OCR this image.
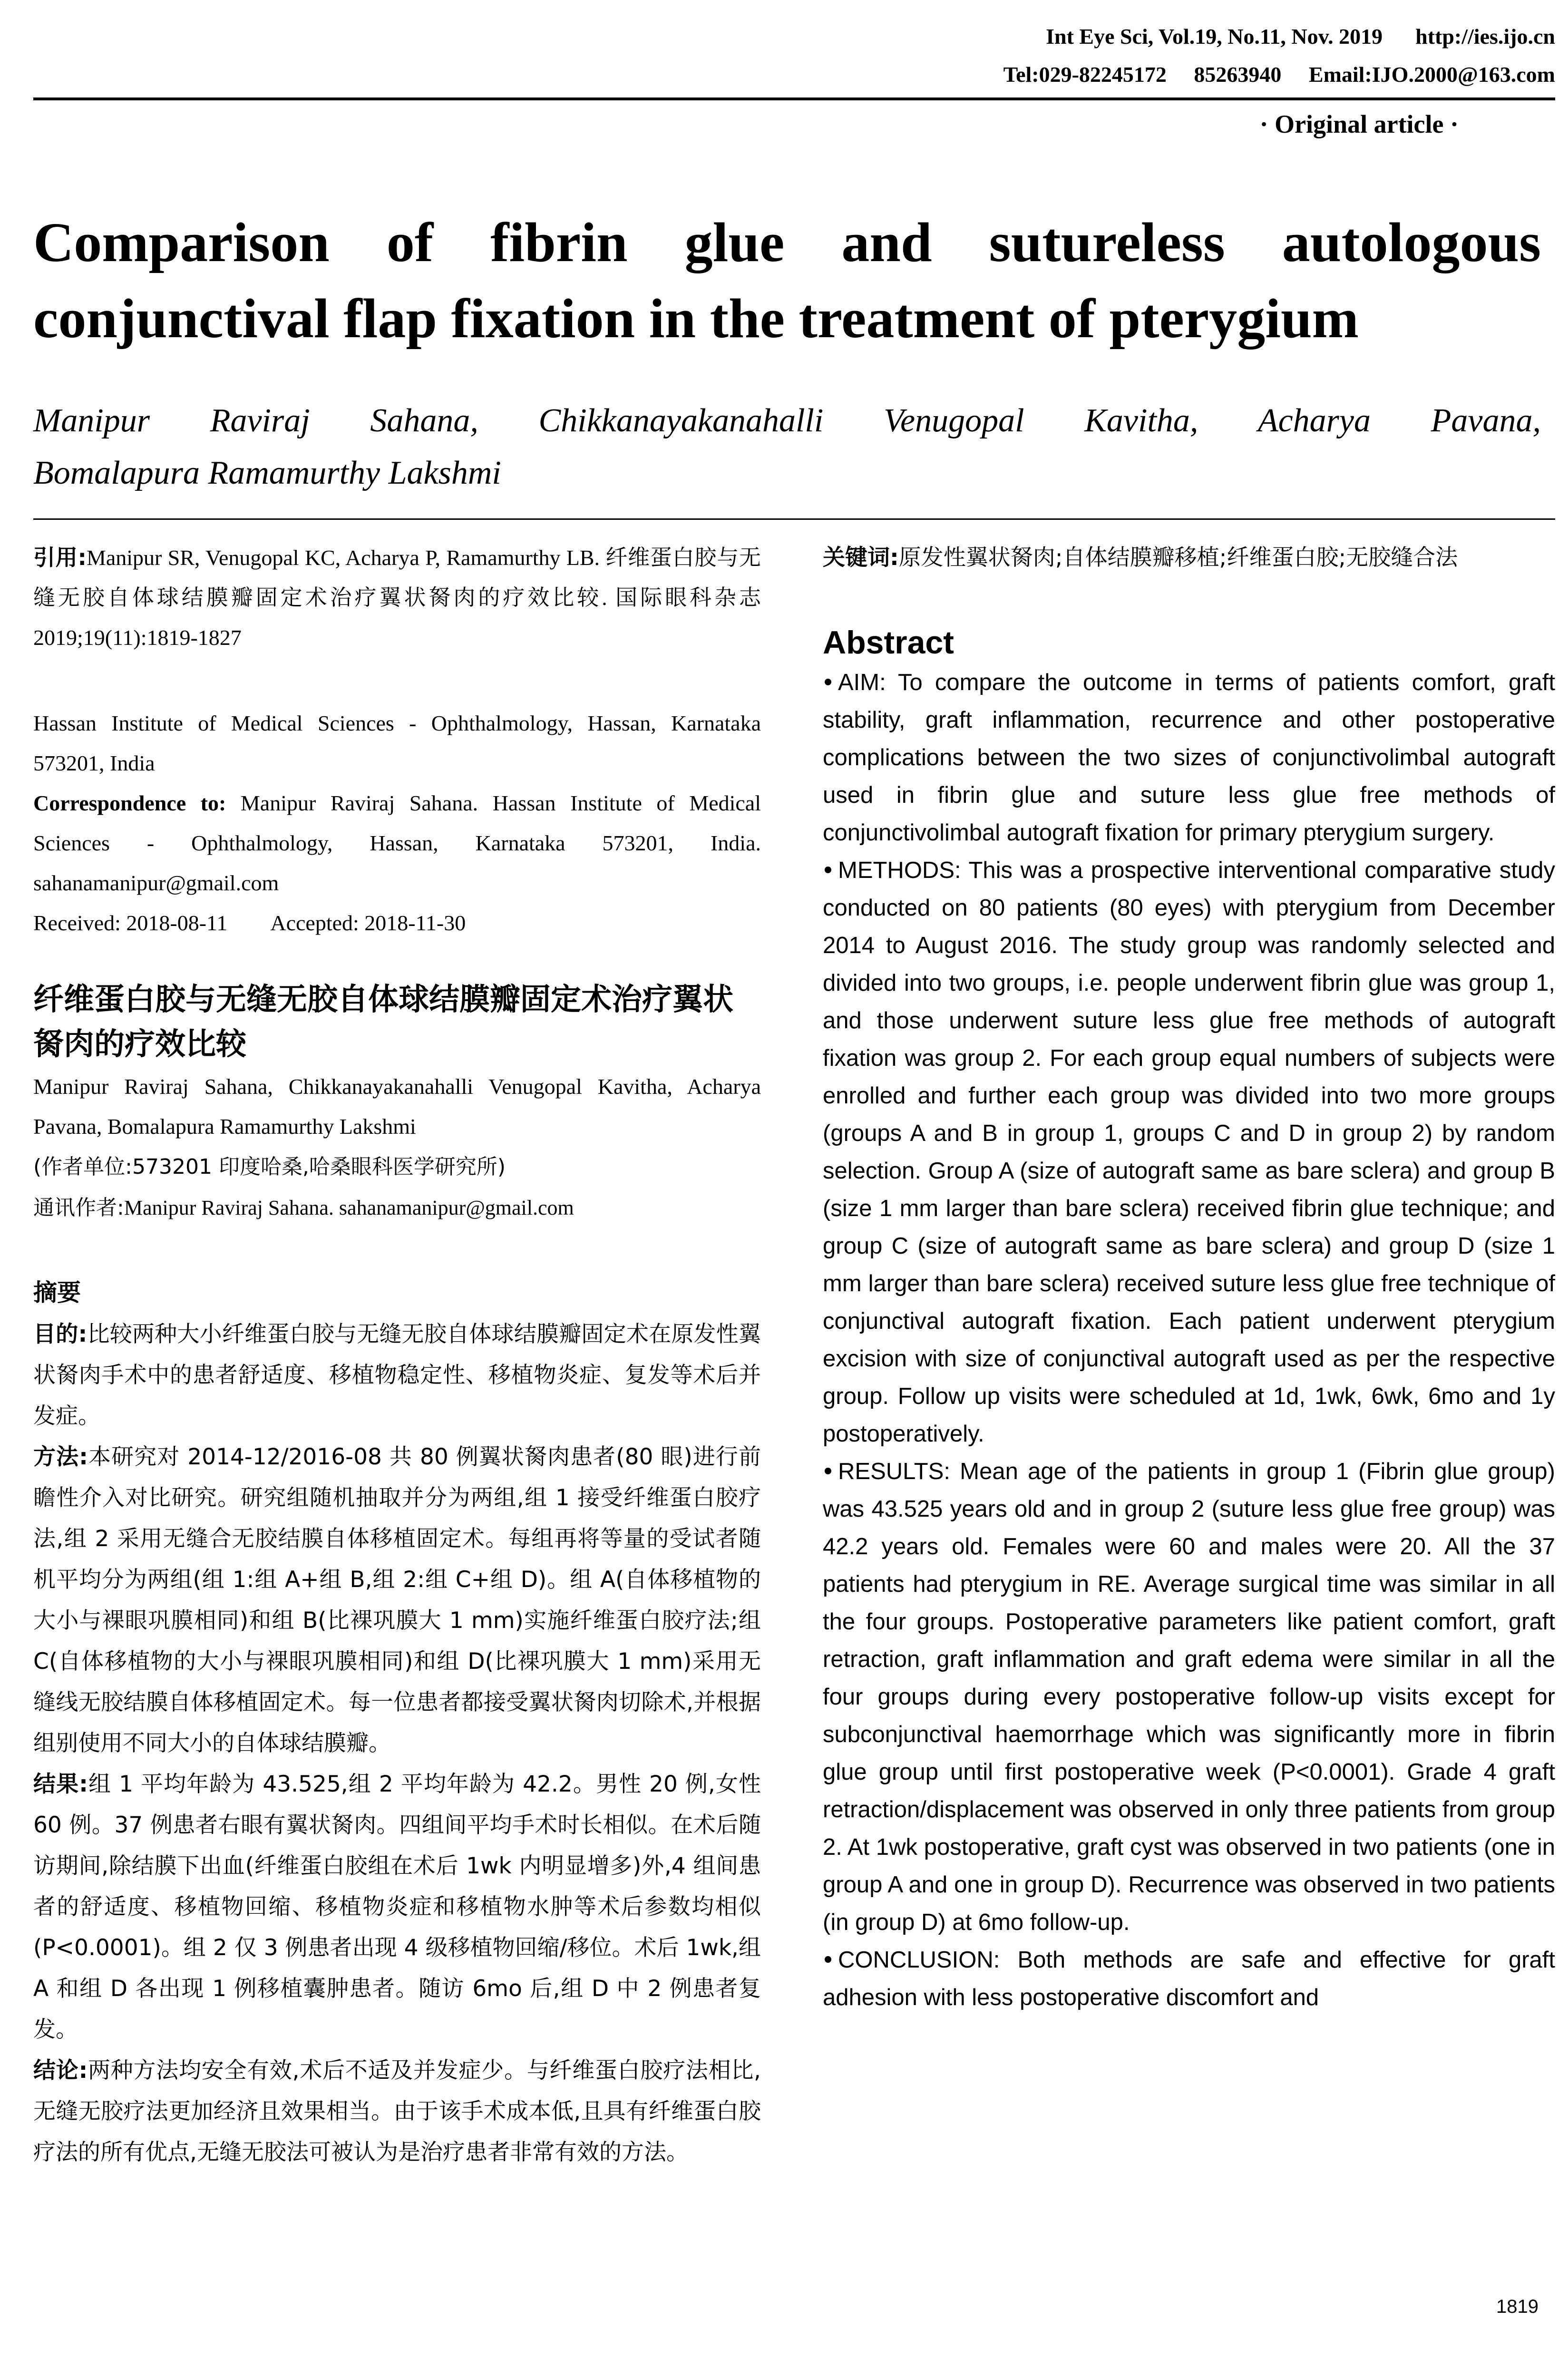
Int Eye Sci, Vol.19, No.11, Nov. 2019      http://ies.ijo.cn
Tel:029-82245172     85263940     Email:IJO.2000@163.com
· Original article ·
Comparison of fibrin glue and sutureless autologous
conjunctival flap fixation in the treatment of pterygium
Manipur Raviraj Sahana, Chikkanayakanahalli Venugopal Kavitha, Acharya Pavana,
Bomalapura Ramamurthy Lakshmi

引用:Manipur SR, Venugopal KC, Acharya P, Ramamurthy LB. 纤维蛋白胶与无缝无胶自体球结膜瓣固定术治疗翼状胬肉的疗效比较. 国际眼科杂志 2019;19(11):1819-1827

Hassan Institute of Medical Sciences - Ophthalmology, Hassan, Karnataka 573201, India

Correspondence to: Manipur Raviraj Sahana. Hassan Institute of Medical Sciences - Ophthalmology, Hassan, Karnataka 573201, India. sahanamanipur@gmail.com

Received: 2018-08-11 Accepted: 2018-11-30

纤维蛋白胶与无缝无胶自体球结膜瓣固定术治疗翼状胬肉的疗效比较

Manipur Raviraj Sahana, Chikkanayakanahalli Venugopal Kavitha, Acharya Pavana, Bomalapura Ramamurthy Lakshmi

(作者单位:573201 印度哈桑,哈桑眼科医学研究所)

通讯作者:Manipur Raviraj Sahana. sahanamanipur@gmail.com

摘要

目的:比较两种大小纤维蛋白胶与无缝无胶自体球结膜瓣固定术在原发性翼状胬肉手术中的患者舒适度、移植物稳定性、移植物炎症、复发等术后并发症。

方法:本研究对 2014-12/2016-08 共 80 例翼状胬肉患者(80 眼)进行前瞻性介入对比研究。研究组随机抽取并分为两组,组 1 接受纤维蛋白胶疗法,组 2 采用无缝合无胶结膜自体移植固定术。每组再将等量的受试者随机平均分为两组(组 1:组 A+组 B,组 2:组 C+组 D)。组 A(自体移植物的大小与裸眼巩膜相同)和组 B(比裸巩膜大 1 mm)实施纤维蛋白胶疗法;组 C(自体移植物的大小与裸眼巩膜相同)和组 D(比裸巩膜大 1 mm)采用无缝线无胶结膜自体移植固定术。每一位患者都接受翼状胬肉切除术,并根据组别使用不同大小的自体球结膜瓣。

结果:组 1 平均年龄为 43.525,组 2 平均年龄为 42.2。男性 20 例,女性 60 例。37 例患者右眼有翼状胬肉。四组间平均手术时长相似。在术后随访期间,除结膜下出血(纤维蛋白胶组在术后 1wk 内明显增多)外,4 组间患者的舒适度、移植物回缩、移植物炎症和移植物水肿等术后参数均相似(P<0.0001)。组 2 仅 3 例患者出现 4 级移植物回缩/移位。术后 1wk,组 A 和组 D 各出现 1 例移植囊肿患者。随访 6mo 后,组 D 中 2 例患者复发。

结论:两种方法均安全有效,术后不适及并发症少。与纤维蛋白胶疗法相比,无缝无胶疗法更加经济且效果相当。由于该手术成本低,且具有纤维蛋白胶疗法的所有优点,无缝无胶法可被认为是治疗患者非常有效的方法。

关键词:原发性翼状胬肉;自体结膜瓣移植;纤维蛋白胶;无胶缝合法

Abstract

AIM: To compare the outcome in terms of patients comfort, graft stability, graft inflammation, recurrence and other postoperative complications between the two sizes of conjunctivolimbal autograft used in fibrin glue and suture less glue free methods of conjunctivolimbal autograft fixation for primary pterygium surgery.

METHODS: This was a prospective interventional comparative study conducted on 80 patients (80 eyes) with pterygium from December 2014 to August 2016. The study group was randomly selected and divided into two groups, i.e. people underwent fibrin glue was group 1, and those underwent suture less glue free methods of autograft fixation was group 2. For each group equal numbers of subjects were enrolled and further each group was divided into two more groups (groups A and B in group 1, groups C and D in group 2) by random selection. Group A (size of autograft same as bare sclera) and group B (size 1 mm larger than bare sclera) received fibrin glue technique; and group C (size of autograft same as bare sclera) and group D (size 1 mm larger than bare sclera) received suture less glue free technique of conjunctival autograft fixation. Each patient underwent pterygium excision with size of conjunctival autograft used as per the respective group. Follow up visits were scheduled at 1d, 1wk, 6wk, 6mo and 1y postoperatively.

RESULTS: Mean age of the patients in group 1 (Fibrin glue group) was 43.525 years old and in group 2 (suture less glue free group) was 42.2 years old. Females were 60 and males were 20. All the 37 patients had pterygium in RE. Average surgical time was similar in all the four groups. Postoperative parameters like patient comfort, graft retraction, graft inflammation and graft edema were similar in all the four groups during every postoperative follow-up visits except for subconjunctival haemorrhage which was significantly more in fibrin glue group until first postoperative week (P<0.0001). Grade 4 graft retraction/displacement was observed in only three patients from group 2. At 1wk postoperative, graft cyst was observed in two patients (one in group A and one in group D). Recurrence was observed in two patients (in group D) at 6mo follow-up.

CONCLUSION: Both methods are safe and effective for graft adhesion with less postoperative discomfort and

1819
